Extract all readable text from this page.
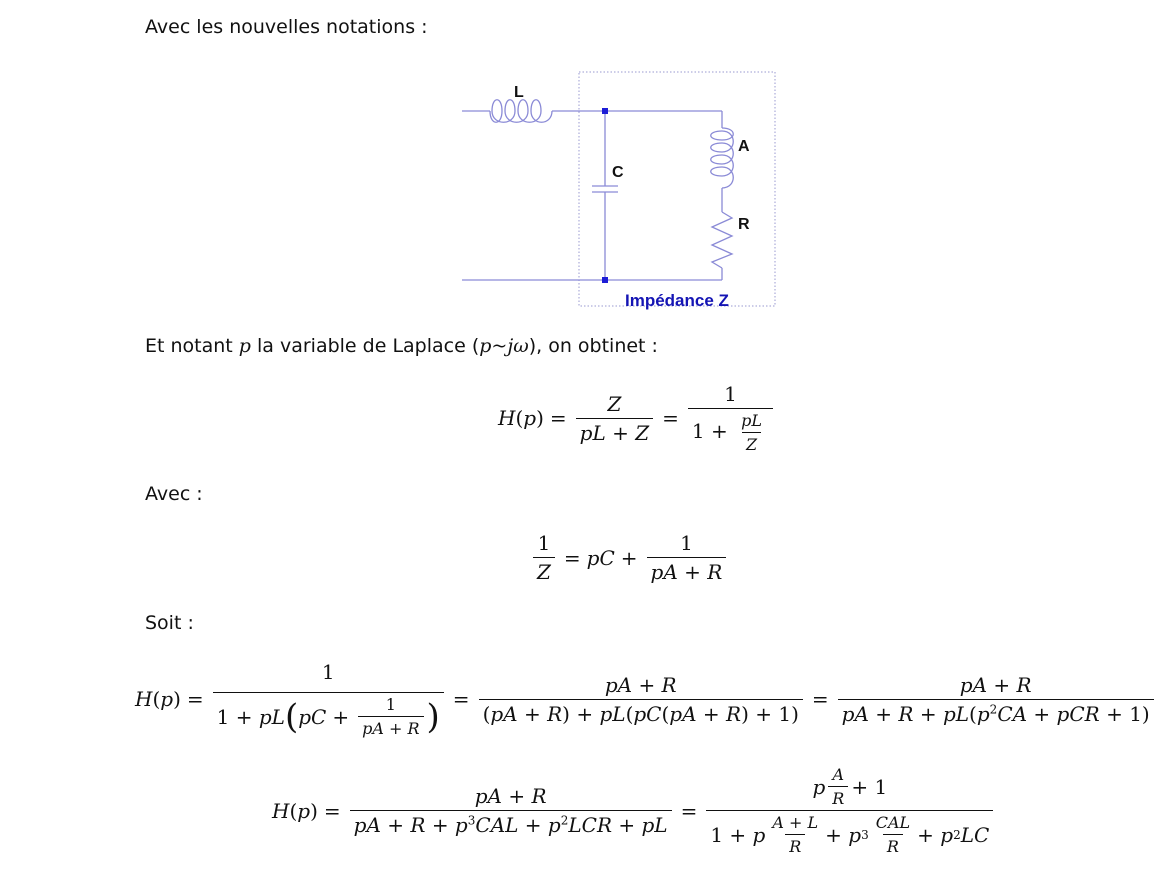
Avec les nouvelles notations :
L
C
A
R
Impédance Z
Et notant p la variable de Laplace (p~jω), on obtinet :
H ( p ) = $\frac{Z}{pL + Z} = \frac{1}{1 + \frac{pL}{Z}}$
Avec :
$\frac{1}{Z}$ = pC + $\frac{1}{pA + R}$
Soit :
H ( p ) = 1
1 +
pL ( pC + $\frac{1}{pA + R}$ ) = $\frac{pA + R}{(pA + R) + pL(pC(pA + R) + 1)} = \frac{pA + R}{pA + R + pL(p^2CA + pCR + 1)}$
H ( p ) = $\frac{pA + R}{pA + R + p^3CAL + p^2LCR + pL} = \frac{p \frac{A}{R} + 1}{1 + p \frac{A + L}{R} + p 3 \frac{\text{CAL}}{R} + p 2 LC}$
